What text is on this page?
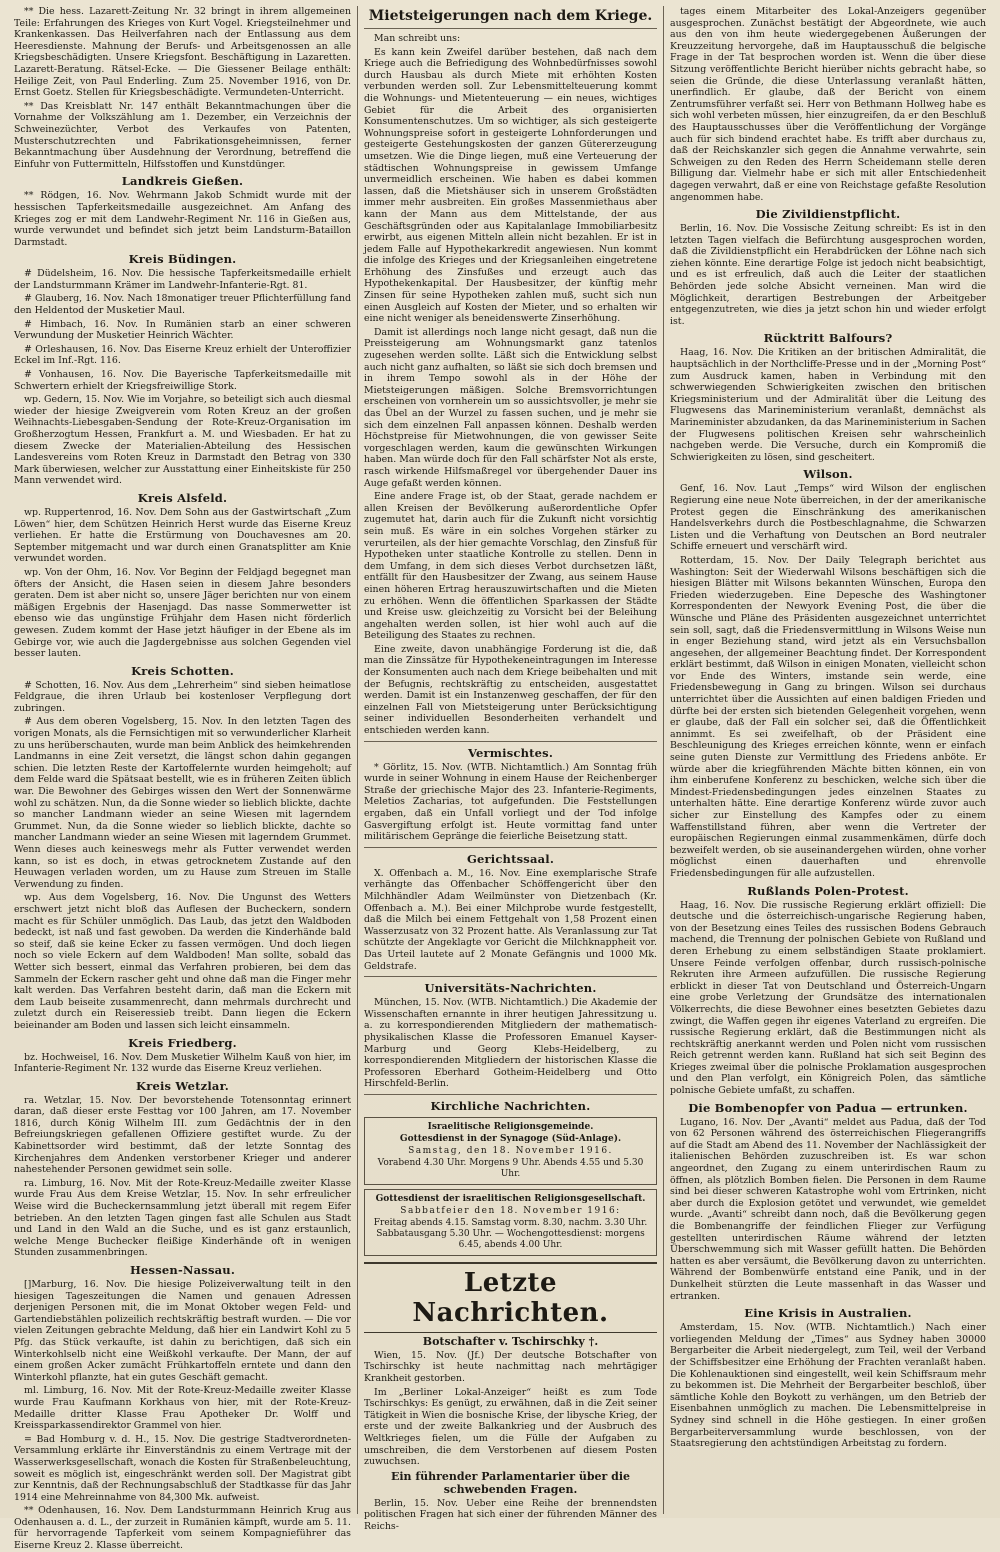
** Die hess. Lazarett-Zeitung Nr. 32 bringt in ihrem allgemeinen Teile: Erfahrungen des Krieges von Kurt Vogel. Kriegsteilnehmer und Krankenkassen. Das Heilverfahren nach der Entlassung aus dem Heeresdienste. Mahnung der Berufs- und Arbeitsgenossen an alle Kriegsbeschädigten. Unsere Kriegsfont. Beschäftigung in Lazaretten. Lazarett-Beratung. Rätsel-Ecke. — Die Giessener Beilage enthält: Heilige Zeit, von Paul Enderling. Zum 25. November 1916, von Dr. Ernst Goetz. Stellen für Kriegsbeschädigte. Vermundeten-Unterricht.

** Das Kreisblatt Nr. 147 enthält Bekanntmachungen über die Vornahme der Volkszählung am 1. Dezember, ein Verzeichnis der Schweinezüchter, Verbot des Verkaufes von Patenten, Musterschutzrechten und Fabrikationsgeheimnissen, ferner Bekanntmachung über Ausdehnung der Verordnung, betreffend die Einfuhr von Futtermitteln, Hilfsstoffen und Kunstdünger.

Landkreis Gießen.

** Rödgen, 16. Nov. Wehrmann Jakob Schmidt wurde mit der hessischen Tapferkeitsmedaille ausgezeichnet. Am Anfang des Krieges zog er mit dem Landwehr-Regiment Nr. 116 in Gießen aus, wurde verwundet und befindet sich jetzt beim Landsturm-Bataillon Darmstadt.

Kreis Büdingen.

# Düdelsheim, 16. Nov. Die hessische Tapferkeitsmedaille erhielt der Landsturmmann Krämer im Landwehr-Infanterie-Rgt. 81.

# Glauberg, 16. Nov. Nach 18monatiger treuer Pflichterfüllung fand den Heldentod der Musketier Maul.

# Himbach, 16. Nov. In Rumänien starb an einer schweren Verwundung der Musketier Heinrich Wächter.

# Orleshausen, 16. Nov. Das Eiserne Kreuz erhielt der Unteroffizier Eckel im Inf.-Rgt. 116.

# Vonhausen, 16. Nov. Die Bayerische Tapferkeitsmedaille mit Schwertern erhielt der Kriegsfreiwillige Stork.

wp. Gedern, 15. Nov. Wie im Vorjahre, so beteiligt sich auch diesmal wieder der hiesige Zweigverein vom Roten Kreuz an der großen Weihnachts-Liebesgaben-Sendung der Rote-Kreuz-Organisation im Großherzogtum Hessen, Frankfurt a. M. und Wiesbaden. Er hat zu diesem Zwecke der Materialien-Abteilung des Hessischen Landesvereins vom Roten Kreuz in Darmstadt den Betrag von 330 Mark überwiesen, welcher zur Ausstattung einer Einheitskiste für 250 Mann verwendet wird.

Kreis Alsfeld.

wp. Ruppertenrod, 16. Nov. Dem Sohn aus der Gastwirtschaft „Zum Löwen“ hier, dem Schützen Heinrich Herst wurde das Eiserne Kreuz verliehen. Er hatte die Erstürmung von Douchavesnes am 20. September mitgemacht und war durch einen Granatsplitter am Knie verwundet worden.

wp. Von der Ohm, 16. Nov. Vor Beginn der Feldjagd begegnet man öfters der Ansicht, die Hasen seien in diesem Jahre besonders geraten. Dem ist aber nicht so, unsere Jäger berichten nur von einem mäßigen Ergebnis der Hasenjagd. Das nasse Sommerwetter ist ebenso wie das ungünstige Frühjahr dem Hasen nicht förderlich gewesen. Zudem kommt der Hase jetzt häufiger in der Ebene als im Gebirge vor, wie auch die Jagdergebnisse aus solchen Gegenden viel besser lauten.

Kreis Schotten.

# Schotten, 16. Nov. Aus dem „Lehrerheim“ sind sieben heimatlose Feldgraue, die ihren Urlaub bei kostenloser Verpflegung dort zubringen.

# Aus dem oberen Vogelsberg, 15. Nov. In den letzten Tagen des vorigen Monats, als die Fernsichtigen mit so verwunderlicher Klarheit zu uns herüberschauten, wurde man beim Anblick des heimkehrenden Landmanns in eine Zeit versetzt, die längst schon dahin gegangen schien. Die letzten Reste der Kartoffelernte wurden heimgeholt; auf dem Felde ward die Spätsaat bestellt, wie es in früheren Zeiten üblich war. Die Bewohner des Gebirges wissen den Wert der Sonnenwärme wohl zu schätzen. Nun, da die Sonne wieder so lieblich blickte, dachte so mancher Landmann wieder an seine Wiesen mit lagerndem Grummet. Nun, da die Sonne wieder so lieblich blickte, dachte so mancher Landmann wieder an seine Wiesen mit lagerndem Grummet. Wenn dieses auch keineswegs mehr als Futter verwendet werden kann, so ist es doch, in etwas getrocknetem Zustande auf den Heuwagen verladen worden, um zu Hause zum Streuen im Stalle Verwendung zu finden.

wp. Aus dem Vogelsberg, 16. Nov. Die Ungunst des Wetters erschwert jetzt nicht bloß das Auflesen der Bucheckern, sondern macht es für Schüler unmöglich. Das Laub, das jetzt den Waldboden bedeckt, ist naß und fast gewoben. Da werden die Kinderhände bald so steif, daß sie keine Ecker zu fassen vermögen. Und doch liegen noch so viele Eckern auf dem Waldboden! Man sollte, sobald das Wetter sich bessert, einmal das Verfahren probieren, bei dem das Sammeln der Eckern rascher geht und ohne daß man die Finger mehr kalt werden. Das Verfahren besteht darin, daß man die Eckern mit dem Laub beiseite zusammenrecht, dann mehrmals durchrecht und zuletzt durch ein Reiseressieb treibt. Dann liegen die Eckern beieinander am Boden und lassen sich leicht einsammeln.

Kreis Friedberg.

bz. Hochweisel, 16. Nov. Dem Musketier Wilhelm Kauß von hier, im Infanterie-Regiment Nr. 132 wurde das Eiserne Kreuz verliehen.

Kreis Wetzlar.

ra. Wetzlar, 15. Nov. Der bevorstehende Totensonntag erinnert daran, daß dieser erste Festtag vor 100 Jahren, am 17. November 1816, durch König Wilhelm III. zum Gedächtnis der in den Befreiungskriegen gefallenen Offiziere gestiftet wurde. Zu der Kabinettsorder wird bestimmt, daß der letzte Sonntag des Kirchenjahres dem Andenken verstorbener Krieger und anderer nahestehender Personen gewidmet sein solle.

ra. Limburg, 16. Nov. Mit der Rote-Kreuz-Medaille zweiter Klasse wurde Frau Aus dem Kreise Wetzlar, 15. Nov. In sehr erfreulicher Weise wird die Bucheckernsammlung jetzt überall mit regem Eifer betrieben. An den letzten Tagen gingen fast alle Schulen aus Stadt und Land in den Wald an die Suche, und es ist ganz erstaunlich, welche Menge Buchecker fleißige Kinderhände oft in wenigen Stunden zusammenbringen.

Hessen-Nassau.

[]Marburg, 16. Nov. Die hiesige Polizeiverwaltung teilt in den hiesigen Tageszeitungen die Namen und genauen Adressen derjenigen Personen mit, die im Monat Oktober wegen Feld- und Gartendiebstählen polizeilich rechtskräftig bestraft wurden. — Die vor vielen Zeitungen gebrachte Meldung, daß hier ein Landwirt Kohl zu 5 Pfg. das Stück verkaufte, ist dahin zu berichtigen, daß sich ein Winterkohlselb nicht eine Weißkohl verkaufte. Der Mann, der auf einem großen Acker zumächt Frühkartoffeln erntete und dann den Winterkohl pflanzte, hat ein gutes Geschäft gemacht.

ml. Limburg, 16. Nov. Mit der Rote-Kreuz-Medaille zweiter Klasse wurde Frau Kaufmann Korkhaus von hier, mit der Rote-Kreuz-Medaille dritter Klasse Frau Apotheker Dr. Wolff und Kreissparkassendirektor Grammel von hier.

= Bad Homburg v. d. H., 15. Nov. Die gestrige Stadtverordneten-Versammlung erklärte ihr Einverständnis zu einem Vertrage mit der Wasserwerksgesellschaft, wonach die Kosten für Straßenbeleuchtung, soweit es möglich ist, eingeschränkt werden soll. Der Magistrat gibt zur Kenntnis, daß der Rechnungsabschluß der Stadtkasse für das Jahr 1914 eine Mehreinnahme von 84,300 Mk. aufweist.

** Odenhausen, 16. Nov. Dem Landsturmmann Heinrich Krug aus Odenhausen a. d. L., der zurzeit in Rumänien kämpft, wurde am 5. 11. für hervorragende Tapferkeit vom seinem Kompagnieführer das Eiserne Kreuz 2. Klasse überreicht.

Mietsteigerungen nach dem Kriege.

Man schreibt uns:

Es kann kein Zweifel darüber bestehen, daß nach dem Kriege auch die Befriedigung des Wohnbedürfnisses sowohl durch Hausbau als durch Miete mit erhöhten Kosten verbunden werden soll. Zur Lebensmittelteuerung kommt die Wohnungs- und Mietenteuerung — ein neues, wichtiges Gebiet für die Arbeit des organisierten Konsumentenschutzes. Um so wichtiger, als sich gesteigerte Wohnungspreise sofort in gesteigerte Lohnforderungen und gesteigerte Gestehungskosten der ganzen Gütererzeugung umsetzen. Wie die Dinge liegen, muß eine Verteuerung der städtischen Wohnungspreise in gewissem Umfange unvermeidlich erscheinen. Wie haben es dabei kommen lassen, daß die Mietshäuser sich in unserem Großstädten immer mehr ausbreiten. Ein großes Massenmiethaus aber kann der Mann aus dem Mittelstande, der aus Geschäftsgründen oder aus Kapitalanlage Immobiliarbesitz erwirbt, aus eigenen Mitteln allein nicht bezahlen. Er ist in jedem Falle auf Hypothekarkredit angewiesen. Nun kommt die infolge des Krieges und der Kriegsanleihen eingetretene Erhöhung des Zinsfußes und erzeugt auch das Hypothekenkapital. Der Hausbesitzer, der künftig mehr Zinsen für seine Hypotheken zahlen muß, sucht sich nun einen Ausgleich auf Kosten der Mieter, und so erhalten wir eine nicht weniger als beneidenswerte Zinserhöhung.

Damit ist allerdings noch lange nicht gesagt, daß nun die Preissteigerung am Wohnungsmarkt ganz tatenlos zugesehen werden sollte. Läßt sich die Entwicklung selbst auch nicht ganz aufhalten, so läßt sie sich doch bremsen und in ihrem Tempo sowohl als in der Höhe der Mietsteigerungen mäßigen. Solche Bremsvorrichtungen erscheinen von vornherein um so aussichtsvoller, je mehr sie das Übel an der Wurzel zu fassen suchen, und je mehr sie sich dem einzelnen Fall anpassen können. Deshalb werden Höchstpreise für Mietwohnungen, die von gewisser Seite vorgeschlagen werden, kaum die gewünschten Wirkungen haben. Man würde doch für den Fall schärfster Not als erste, rasch wirkende Hilfsmaßregel vor übergehender Dauer ins Auge gefaßt werden können.

Eine andere Frage ist, ob der Staat, gerade nachdem er allen Kreisen der Bevölkerung außerordentliche Opfer zugemutet hat, darin auch für die Zukunft nicht vorsichtig sein muß. Es wäre in ein solches Vorgehen stärker zu verurteilen, als der hier gemachte Vorschlag, den Zinsfuß für Hypotheken unter staatliche Kontrolle zu stellen. Denn in dem Umfang, in dem sich dieses Verbot durchsetzen läßt, entfällt für den Hausbesitzer der Zwang, aus seinem Hause einen höheren Ertrag herauszuwirtschaften und die Mieten zu erhöhen. Wenn die öffentlichen Sparkassen der Städte und Kreise usw. gleichzeitig zu Vorsicht bei der Beleihung angehalten werden sollen, ist hier wohl auch auf die Beteiligung des Staates zu rechnen.

Eine zweite, davon unabhängige Forderung ist die, daß man die Zinssätze für Hypothekeneintragungen im Interesse der Konsumenten auch nach dem Kriege beibehalten und mit der Befugnis, rechtskräftig zu entscheiden, ausgestattet werden. Damit ist ein Instanzenweg geschaffen, der für den einzelnen Fall von Mietsteigerung unter Berücksichtigung seiner individuellen Besonderheiten verhandelt und entschieden werden kann.

Vermischtes.

* Görlitz, 15. Nov. (WTB. Nichtamtlich.) Am Sonntag früh wurde in seiner Wohnung in einem Hause der Reichenberger Straße der griechische Major des 23. Infanterie-Regiments, Meletios Zacharias, tot aufgefunden. Die Feststellungen ergaben, daß ein Unfall vorliegt und der Tod infolge Gasvergiftung erfolgt ist. Heute vormittag fand unter militärischem Gepränge die feierliche Beisetzung statt.

Gerichtssaal.

X. Offenbach a. M., 16. Nov. Eine exemplarische Strafe verhängte das Offenbacher Schöffengericht über den Milchhändler Adam Weilmünster von Dietzenbach (Kr. Offenbach a. M.). Bei einer Milchprobe wurde festgestellt, daß die Milch bei einem Fettgehalt von 1,58 Prozent einen Wasserzusatz von 32 Prozent hatte. Als Veranlassung zur Tat schützte der Angeklagte vor Gericht die Milchknappheit vor. Das Urteil lautete auf 2 Monate Gefängnis und 1000 Mk. Geldstrafe.

Universitäts-Nachrichten.

München, 15. Nov. (WTB. Nichtamtlich.) Die Akademie der Wissenschaften ernannte in ihrer heutigen Jahressitzung u. a. zu korrespondierenden Mitgliedern der mathematisch-physikalischen Klasse die Professoren Emanuel Kayser-Marburg und Georg Klebs-Heidelberg, zu korrespondierenden Mitgliedern der historischen Klasse die Professoren Eberhard Gotheim-Heidelberg und Otto Hirschfeld-Berlin.

Kirchliche Nachrichten.
Israelitische Religionsgemeinde.
Gottesdienst in der Synagoge (Süd-Anlage).
Samstag, den 18. November 1916.
Vorabend 4.30 Uhr. Morgens 9 Uhr. Abends 4.55 und 5.30 Uhr.
Gottesdienst der israelitischen Religionsgesellschaft.
Sabbatfeier den 18. November 1916:
Freitag abends 4.15. Samstag vorm. 8.30, nachm. 3.30 Uhr. Sabbatausgang 5.30 Uhr. — Wochengottesdienst: morgens 6.45, abends 4.00 Uhr.
Letzte Nachrichten.
Botschafter v. Tschirschky †.

Wien, 15. Nov. (Jf.) Der deutsche Botschafter von Tschirschky ist heute nachmittag nach mehrtägiger Krankheit gestorben.

Im „Berliner Lokal-Anzeiger“ heißt es zum Tode Tschirschkys: Es genügt, zu erwähnen, daß in die Zeit seiner Tätigkeit in Wien die bosnische Krise, der libysche Krieg, der erste und der zweite Balkankrieg und der Ausbruch des Weltkrieges fielen, um die Fülle der Aufgaben zu umschreiben, die dem Verstorbenen auf diesem Posten zuwuchsen.

Ein führender Parlamentarier über die schwebenden Fragen.

Berlin, 15. Nov. Ueber eine Reihe der brennendsten politischen Fragen hat sich einer der führenden Männer des Reichs-

tages einem Mitarbeiter des Lokal-Anzeigers gegenüber ausgesprochen. Zunächst bestätigt der Abgeordnete, wie auch aus den von ihm heute wiedergegebenen Äußerungen der Kreuzzeitung hervorgehe, daß im Hauptausschuß die belgische Frage in der Tat besprochen worden ist. Wenn die über diese Sitzung veröffentlichte Bericht hierüber nichts gebracht habe, so seien die Gründe, die diese Unterlassung veranlaßt hätten, unerfindlich. Er glaube, daß der Bericht von einem Zentrumsführer verfaßt sei. Herr von Bethmann Hollweg habe es sich wohl verbeten müssen, hier einzugreifen, da er den Beschluß des Hauptausschusses über die Veröffentlichung der Vorgänge auch für sich bindend erachtet habe. Es trifft aber durchaus zu, daß der Reichskanzler sich gegen die Annahme verwahrte, sein Schweigen zu den Reden des Herrn Scheidemann stelle deren Billigung dar. Vielmehr habe er sich mit aller Entschiedenheit dagegen verwahrt, daß er eine von Reichstage gefaßte Resolution angenommen habe.

Die Zivildienstpflicht.

Berlin, 16. Nov. Die Vossische Zeitung schreibt: Es ist in den letzten Tagen vielfach die Befürchtung ausgesprochen worden, daß die Zivildienstpflicht ein Herabdrücken der Löhne nach sich ziehen könnte. Eine derartige Folge ist jedoch nicht beabsichtigt, und es ist erfreulich, daß auch die Leiter der staatlichen Behörden jede solche Absicht verneinen. Man wird die Möglichkeit, derartigen Bestrebungen der Arbeitgeber entgegenzutreten, wie dies ja jetzt schon hin und wieder erfolgt ist.

Rücktritt Balfours?

Haag, 16. Nov. Die Kritiken an der britischen Admiralität, die hauptsächlich in der Northcliffe-Presse und in der „Morning Post“ zum Ausdruck kamen, haben in Verbindung mit den schwerwiegenden Schwierigkeiten zwischen den britischen Kriegsministerium und der Admiralität über die Leitung des Flugwesens das Marineministerium veranlaßt, demnächst als Marineminister abzudanken, da das Marineministerium in Sachen der Flugwesens politischen Kreisen sehr wahrscheinlich nachgeben werde. Die Versuche, durch ein Kompromiß die Schwierigkeiten zu lösen, sind gescheitert.

Wilson.

Genf, 16. Nov. Laut „Temps“ wird Wilson der englischen Regierung eine neue Note überreichen, in der der amerikanische Protest gegen die Einschränkung des amerikanischen Handelsverkehrs durch die Postbeschlagnahme, die Schwarzen Listen und die Verhaftung von Deutschen an Bord neutraler Schiffe erneuert und verschärft wird.

Rotterdam, 15. Nov. Der Daily Telegraph berichtet aus Washington: Seit der Wiederwahl Wilsons beschäftigen sich die hiesigen Blätter mit Wilsons bekannten Wünschen, Europa den Frieden wiederzugeben. Eine Depesche des Washingtoner Korrespondenten der Newyork Evening Post, die über die Wünsche und Pläne des Präsidenten ausgezeichnet unterrichtet sein soll, sagt, daß die Friedensvermittlung in Wilsons Weise nun in enger Beziehung stand, wird jetzt als ein Versuchsballon angesehen, der allgemeiner Beachtung findet. Der Korrespondent erklärt bestimmt, daß Wilson in einigen Monaten, vielleicht schon vor Ende des Winters, imstande sein werde, eine Friedensbewegung in Gang zu bringen. Wilson sei durchaus unterrichtet über die Aussichten auf einen baldigen Frieden und dürfte bei der ersten sich bietenden Gelegenheit vorgehen, wenn er glaube, daß der Fall ein solcher sei, daß die Öffentlichkeit annimmt. Es sei zweifelhaft, ob der Präsident eine Beschleunigung des Krieges erreichen könnte, wenn er einfach seine guten Dienste zur Vermittlung des Friedens anböte. Er würde aber die kriegführenden Mächte bitten können, ein von ihm einberufene Konferenz zu beschicken, welche sich über die Mindest-Friedensbedingungen jedes einzelnen Staates zu unterhalten hätte. Eine derartige Konferenz würde zuvor auch sicher zur Einstellung des Kampfes oder zu einem Waffenstillstand führen, aber wenn die Vertreter der europäischen Regierungen einmal zusammenkämen, dürfe doch bezweifelt werden, ob sie auseinandergehen würden, ohne vorher möglichst einen dauerhaften und ehrenvolle Friedensbedingungen für alle aufzustellen.

Rußlands Polen-Protest.

Haag, 16. Nov. Die russische Regierung erklärt offiziell: Die deutsche und die österreichisch-ungarische Regierung haben, von der Besetzung eines Teiles des russischen Bodens Gebrauch machend, die Trennung der polnischen Gebiete von Rußland und deren Erhebung zu einem selbständigen Staate proklamiert. Unsere Feinde verfolgen offenbar, durch russisch-polnische Rekruten ihre Armeen aufzufüllen. Die russische Regierung erblickt in dieser Tat von Deutschland und Österreich-Ungarn eine grobe Verletzung der Grundsätze des internationalen Völkerrechts, die diese Bewohner eines besetzten Gebietes dazu zwingt, die Waffen gegen ihr eigenes Vaterland zu ergreifen. Die russische Regierung erklärt, daß die Bestimmungen nicht als rechtskräftig anerkannt werden und Polen nicht vom russischen Reich getrennt werden kann. Rußland hat sich seit Beginn des Krieges zweimal über die polnische Proklamation ausgesprochen und den Plan verfolgt, ein Königreich Polen, das sämtliche polnische Gebiete umfaßt, zu schaffen.

Die Bombenopfer von Padua — ertrunken.

Lugano, 16. Nov. Der „Avanti“ meldet aus Padua, daß der Tod von 62 Personen während des österreichischen Fliegerangriffs auf die Stadt am Abend des 11. November der Nachlässigkeit der italienischen Behörden zuzuschreiben ist. Es war schon angeordnet, den Zugang zu einem unterirdischen Raum zu öffnen, als plötzlich Bomben fielen. Die Personen in dem Raume sind bei dieser schweren Katastrophe wohl vom Ertrinken, nicht aber durch die Explosion getötet und verwundet, wie gemeldet wurde. „Avanti“ schreibt dann noch, daß die Bevölkerung gegen die Bombenangriffe der feindlichen Flieger zur Verfügung gestellten unterirdischen Räume während der letzten Überschwemmung sich mit Wasser gefüllt hatten. Die Behörden hatten es aber versäumt, die Bevölkerung davon zu unterrichten. Während der Bombenwürfe entstand eine Panik, und in der Dunkelheit stürzten die Leute massenhaft in das Wasser und ertranken.

Eine Krisis in Australien.

Amsterdam, 15. Nov. (WTB. Nichtamtlich.) Nach einer vorliegenden Meldung der „Times“ aus Sydney haben 30000 Bergarbeiter die Arbeit niedergelegt, zum Teil, weil der Verband der Schiffsbesitzer eine Erhöhung der Frachten veranlaßt haben. Die Kohlenauktionen sind eingestellt, weil kein Schiffsraum mehr zu bekommen ist. Die Mehrheit der Bergarbeiter beschloß, über sämtliche Kohle den Boykott zu verhängen, um den Betrieb der Eisenbahnen unmöglich zu machen. Die Lebensmittelpreise in Sydney sind schnell in die Höhe gestiegen. In einer großen Bergarbeiterversammlung wurde beschlossen, von der Staatsregierung den achtstündigen Arbeitstag zu fordern.
